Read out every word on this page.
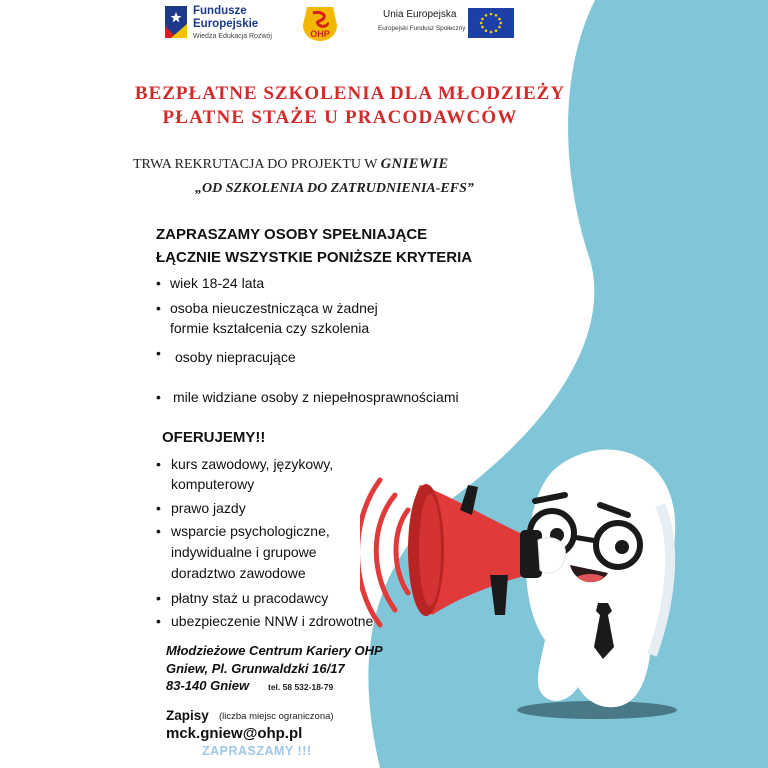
Fundusze
Europejskie
Wiedza Edukacja Rozwój	OHP
Unia Europejska
Europejski Fundusz Społeczny
BEZPŁATNE SZKOLENIA DLA MŁODZIEŻY
PŁATNE STAŻE U PRACODAWCÓW
TRWA REKRUTACJA DO PROJEKTU W GNIEWIE
„OD SZKOLENIA DO ZATRUDNIENIA-EFS”
ZAPRASZAMY OSOBY SPEŁNIAJĄCE
ŁĄCZNIE WSZYSTKIE PONIŻSZE KRYTERIA
• wiek 18-24 lata
• osoba nieuczestnicząca w żadnej
formie kształcenia czy szkolenia
• osoby niepracujące
• mile widziane osoby z niepełnosprawnościami
OFERUJEMY!!
• kurs zawodowy, językowy,
komputerowy
• prawo jazdy
• wsparcie psychologiczne,
indywidualne i grupowe
doradztwo zawodowe
• płatny staż u pracodawcy
• ubezpieczenie NNW i zdrowotne
Młodzieżowe Centrum Kariery OHP
Gniew, Pl. Grunwaldzki 16/17
83-140 Gniew tel. 58 532-18-79
Zapisy (liczba miejsc ograniczona)
mck.gniew@ohp.pl
ZAPRASZAMY !!!
